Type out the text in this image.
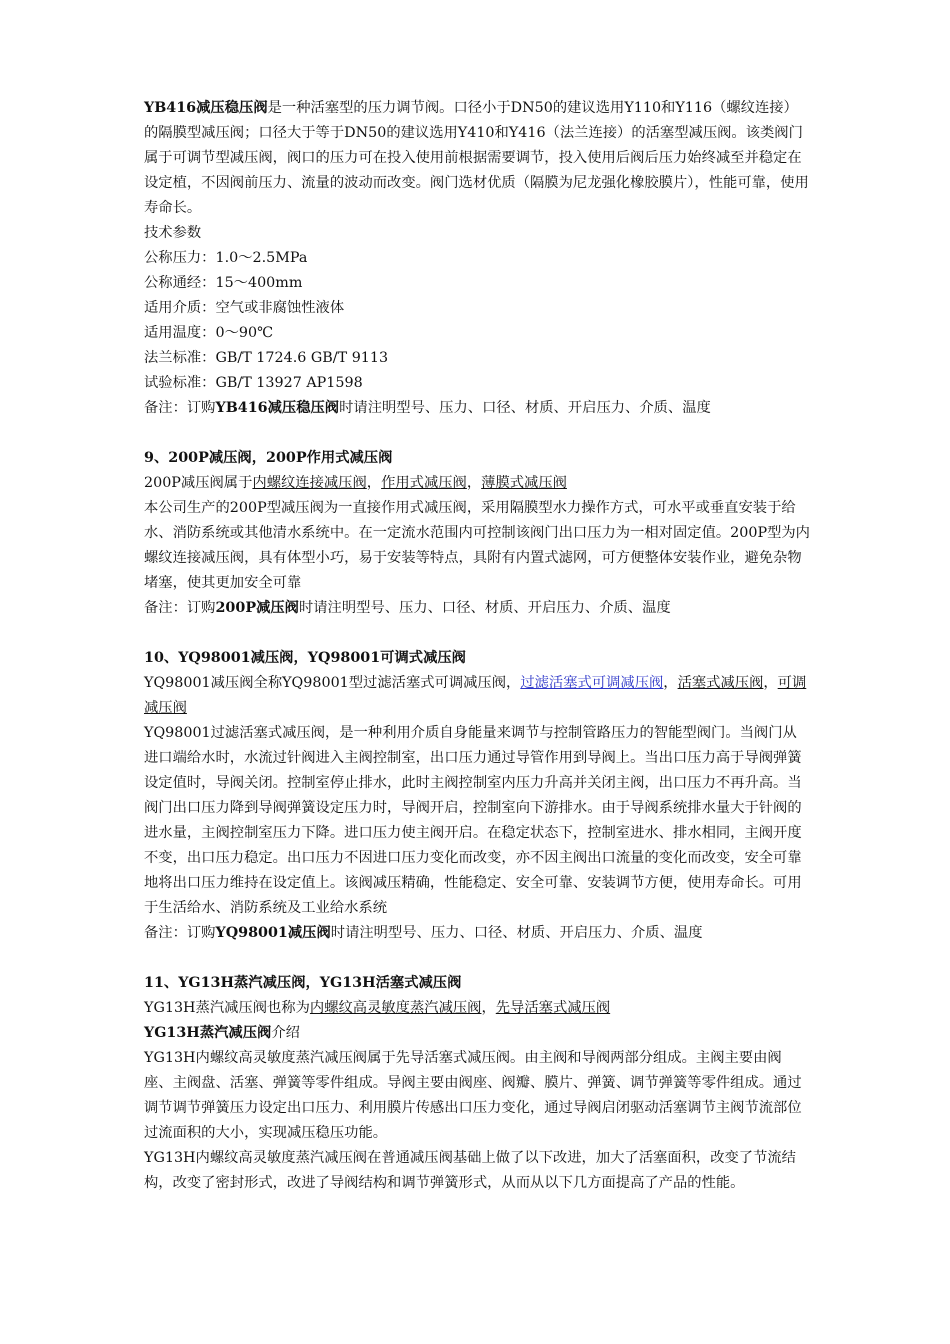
YB416减压稳压阀是一种活塞型的压力调节阀。口径小于DN50的建议选用Y110和Y116（螺纹连接）的隔膜型减压阀；口径大于等于DN50的建议选用Y410和Y416（法兰连接）的活塞型减压阀。该类阀门属于可调节型减压阀，阀口的压力可在投入使用前根据需要调节，投入使用后阀后压力始终减至并稳定在设定植，不因阀前压力、流量的波动而改变。阀门选材优质（隔膜为尼龙强化橡胶膜片），性能可靠，使用寿命长。

技术参数

公称压力：1.0～2.5MPa

公称通经：15～400mm

适用介质：空气或非腐蚀性液体

适用温度：0～90℃

法兰标准：GB/T 1724.6 GB/T 9113

试验标准：GB/T 13927 AP1598

备注：订购YB416减压稳压阀时请注明型号、压力、口径、材质、开启压力、介质、温度

9、200P减压阀，200P作用式减压阀

200P减压阀属于内螺纹连接减压阀，作用式减压阀，薄膜式减压阀

本公司生产的200P型减压阀为一直接作用式减压阀，采用隔膜型水力操作方式，可水平或垂直安装于给水、消防系统或其他清水系统中。在一定流水范围内可控制该阀门出口压力为一相对固定值。200P型为内螺纹连接减压阀，具有体型小巧，易于安装等特点，具附有内置式滤网，可方便整体安装作业，避免杂物堵塞，使其更加安全可靠

备注：订购200P减压阀时请注明型号、压力、口径、材质、开启压力、介质、温度

10、YQ98001减压阀，YQ98001可调式减压阀

YQ98001减压阀全称YQ98001型过滤活塞式可调减压阀，过滤活塞式可调减压阀，活塞式减压阀，可调减压阀

YQ98001过滤活塞式减压阀，是一种利用介质自身能量来调节与控制管路压力的智能型阀门。当阀门从进口端给水时，水流过针阀进入主阀控制室，出口压力通过导管作用到导阀上。当出口压力高于导阀弹簧设定值时，导阀关闭。控制室停止排水，此时主阀控制室内压力升高并关闭主阀，出口压力不再升高。当阀门出口压力降到导阀弹簧设定压力时，导阀开启，控制室向下游排水。由于导阀系统排水量大于针阀的进水量，主阀控制室压力下降。进口压力使主阀开启。在稳定状态下，控制室进水、排水相同，主阀开度不变，出口压力稳定。出口压力不因进口压力变化而改变，亦不因主阀出口流量的变化而改变，安全可靠地将出口压力维持在设定值上。该阀减压精确，性能稳定、安全可靠、安装调节方便，使用寿命长。可用于生活给水、消防系统及工业给水系统

备注：订购YQ98001减压阀时请注明型号、压力、口径、材质、开启压力、介质、温度

11、YG13H蒸汽减压阀，YG13H活塞式减压阀

YG13H蒸汽减压阀也称为内螺纹高灵敏度蒸汽减压阀，先导活塞式减压阀

YG13H蒸汽减压阀介绍

YG13H内螺纹高灵敏度蒸汽减压阀属于先导活塞式减压阀。由主阀和导阀两部分组成。主阀主要由阀座、主阀盘、活塞、弹簧等零件组成。导阀主要由阀座、阀瓣、膜片、弹簧、调节弹簧等零件组成。通过调节调节弹簧压力设定出口压力、利用膜片传感出口压力变化，通过导阀启闭驱动活塞调节主阀节流部位过流面积的大小，实现减压稳压功能。

YG13H内螺纹高灵敏度蒸汽减压阀在普通减压阀基础上做了以下改进，加大了活塞面积，改变了节流结构，改变了密封形式，改进了导阀结构和调节弹簧形式，从而从以下几方面提高了产品的性能。
